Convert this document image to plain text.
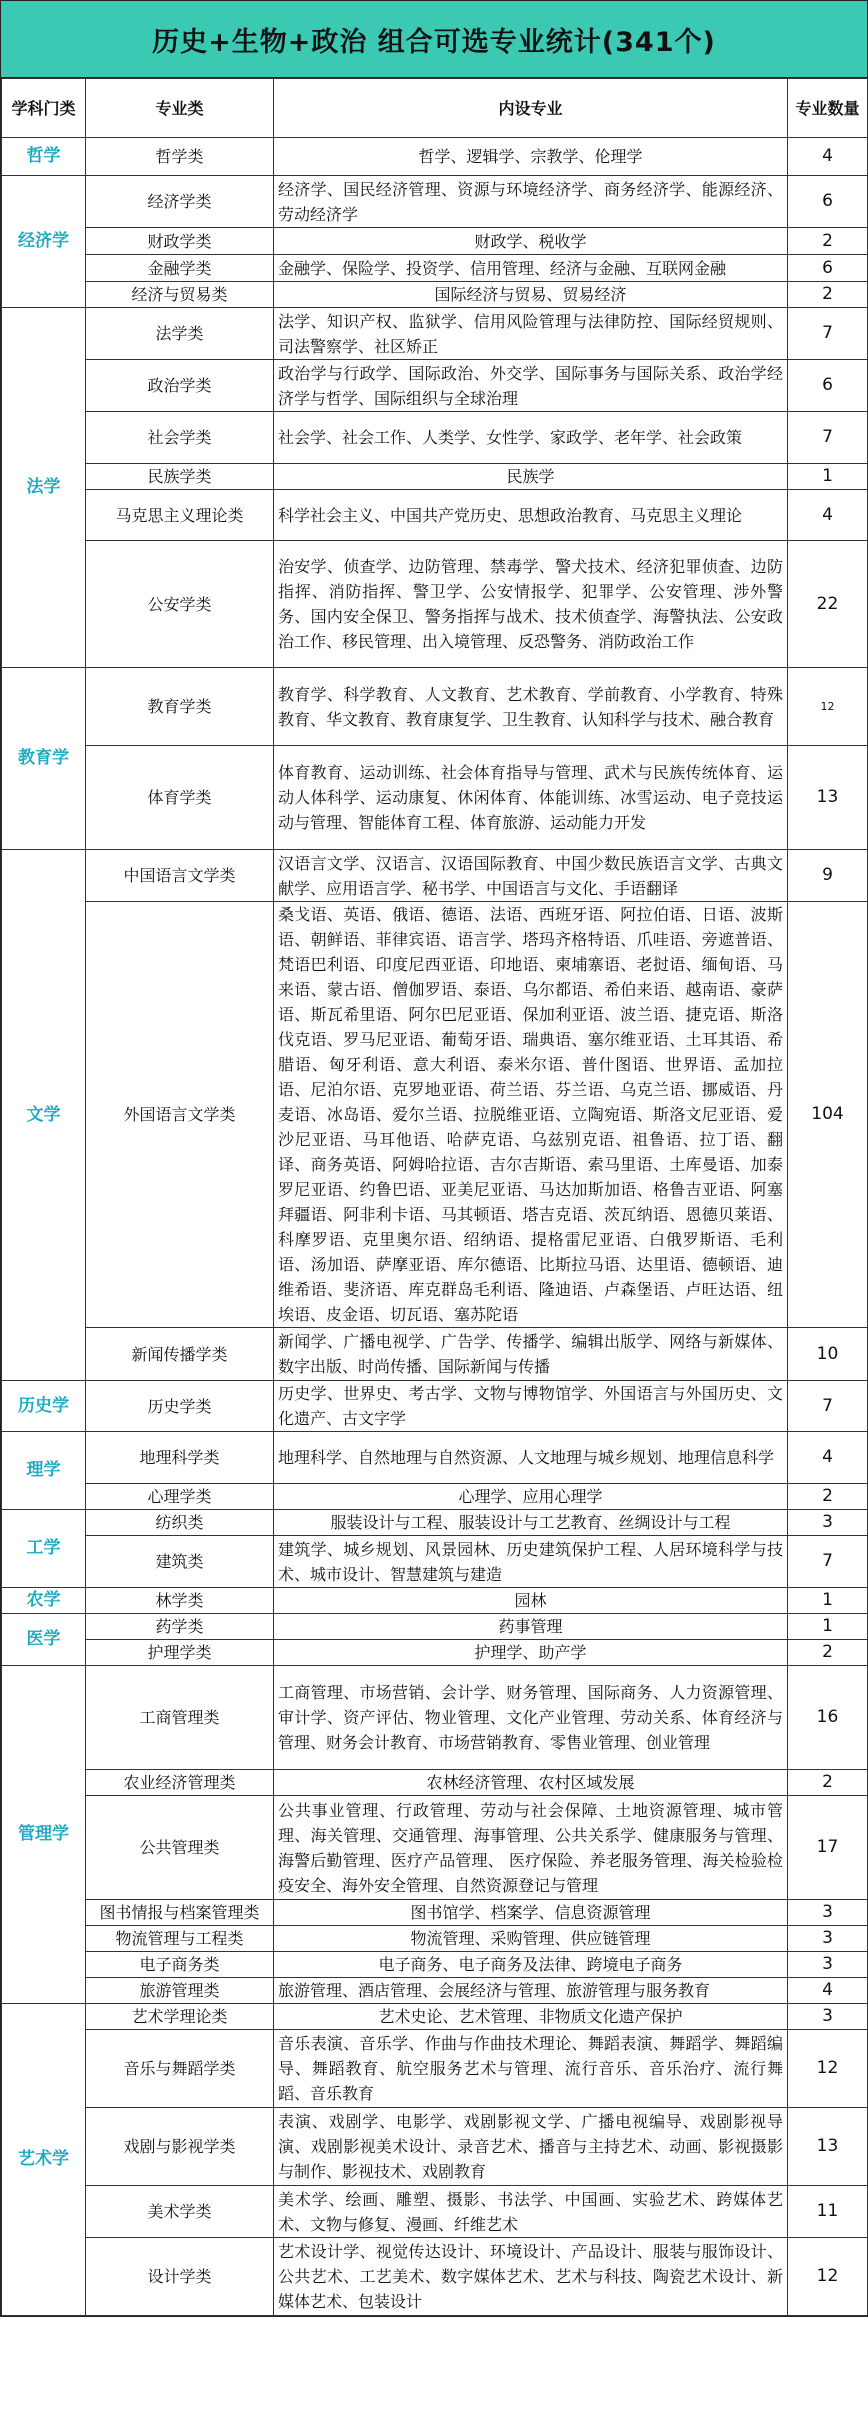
历史+生物+政治 组合可选专业统计(341个)
学科门类	专业类	内设专业	专业数量
哲学	哲学类	哲学、逻辑学、宗教学、伦理学	4
经济学	经济学类	经济学、国民经济管理、资源与环境经济学、商务经济学、能源经济、劳动经济学	6
	财政学类	财政学、税收学	2
	金融学类	金融学、保险学、投资学、信用管理、经济与金融、互联网金融	6
	经济与贸易类	国际经济与贸易、贸易经济	2
法学	法学类	法学、知识产权、监狱学、信用风险管理与法律防控、国际经贸规则、司法警察学、社区矫正	7
	政治学类	政治学与行政学、国际政治、外交学、国际事务与国际关系、政治学经济学与哲学、国际组织与全球治理	6
	社会学类	社会学、社会工作、人类学、女性学、家政学、老年学、社会政策	7
	民族学类	民族学	1
	马克思主义理论类	科学社会主义、中国共产党历史、思想政治教育、马克思主义理论	4
	公安学类	治安学、侦查学、边防管理、禁毒学、警犬技术、经济犯罪侦查、边防指挥、消防指挥、警卫学、公安情报学、犯罪学、公安管理、涉外警务、国内安全保卫、警务指挥与战术、技术侦查学、海警执法、公安政治工作、移民管理、出入境管理、反恐警务、消防政治工作	22
教育学	教育学类	教育学、科学教育、人文教育、艺术教育、学前教育、小学教育、特殊教育、华文教育、教育康复学、卫生教育、认知科学与技术、融合教育	12
	体育学类	体育教育、运动训练、社会体育指导与管理、武术与民族传统体育、运动人体科学、运动康复、休闲体育、体能训练、冰雪运动、电子竞技运动与管理、智能体育工程、体育旅游、运动能力开发	13
文学	中国语言文学类	汉语言文学、汉语言、汉语国际教育、中国少数民族语言文学、古典文献学、应用语言学、秘书学、中国语言与文化、手语翻译	9
	外国语言文学类	桑戈语、英语、俄语、德语、法语、西班牙语、阿拉伯语、日语、波斯语、朝鲜语、菲律宾语、语言学、塔玛齐格特语、爪哇语、旁遮普语、梵语巴利语、印度尼西亚语、印地语、柬埔寨语、老挝语、缅甸语、马来语、蒙古语、僧伽罗语、泰语、乌尔都语、希伯来语、越南语、豪萨语、斯瓦希里语、阿尔巴尼亚语、保加利亚语、波兰语、捷克语、斯洛伐克语、罗马尼亚语、葡萄牙语、瑞典语、塞尔维亚语、土耳其语、希腊语、匈牙利语、意大利语、泰米尔语、普什图语、世界语、孟加拉语、尼泊尔语、克罗地亚语、荷兰语、芬兰语、乌克兰语、挪威语、丹麦语、冰岛语、爱尔兰语、拉脱维亚语、立陶宛语、斯洛文尼亚语、爱沙尼亚语、马耳他语、哈萨克语、乌兹别克语、祖鲁语、拉丁语、翻译、商务英语、阿姆哈拉语、吉尔吉斯语、索马里语、土库曼语、加泰罗尼亚语、约鲁巴语、亚美尼亚语、马达加斯加语、格鲁吉亚语、阿塞拜疆语、阿非利卡语、马其顿语、塔吉克语、茨瓦纳语、恩德贝莱语、科摩罗语、克里奥尔语、绍纳语、提格雷尼亚语、白俄罗斯语、毛利语、汤加语、萨摩亚语、库尔德语、比斯拉马语、达里语、德顿语、迪维希语、斐济语、库克群岛毛利语、隆迪语、卢森堡语、卢旺达语、纽埃语、皮金语、切瓦语、塞苏陀语	104
	新闻传播学类	新闻学、广播电视学、广告学、传播学、编辑出版学、网络与新媒体、数字出版、时尚传播、国际新闻与传播	10
历史学	历史学类	历史学、世界史、考古学、文物与博物馆学、外国语言与外国历史、文化遗产、古文字学	7
理学	地理科学类	地理科学、自然地理与自然资源、人文地理与城乡规划、地理信息科学	4
	心理学类	心理学、应用心理学	2
工学	纺织类	服装设计与工程、服装设计与工艺教育、丝绸设计与工程	3
	建筑类	建筑学、城乡规划、风景园林、历史建筑保护工程、人居环境科学与技术、城市设计、智慧建筑与建造	7
农学	林学类	园林	1
医学	药学类	药事管理	1
	护理学类	护理学、助产学	2
管理学	工商管理类	工商管理、市场营销、会计学、财务管理、国际商务、人力资源管理、审计学、资产评估、物业管理、文化产业管理、劳动关系、体育经济与管理、财务会计教育、市场营销教育、零售业管理、创业管理	16
	农业经济管理类	农林经济管理、农村区域发展	2
	公共管理类	公共事业管理、行政管理、劳动与社会保障、土地资源管理、城市管理、海关管理、交通管理、海事管理、公共关系学、健康服务与管理、海警后勤管理、医疗产品管理、 医疗保险、养老服务管理、海关检验检疫安全、海外安全管理、自然资源登记与管理	17
	图书情报与档案管理类	图书馆学、档案学、信息资源管理	3
	物流管理与工程类	物流管理、采购管理、供应链管理	3
	电子商务类	电子商务、电子商务及法律、跨境电子商务	3
	旅游管理类	旅游管理、酒店管理、会展经济与管理、旅游管理与服务教育	4
艺术学	艺术学理论类	艺术史论、艺术管理、非物质文化遗产保护	3
	音乐与舞蹈学类	音乐表演、音乐学、作曲与作曲技术理论、舞蹈表演、舞蹈学、舞蹈编导、舞蹈教育、航空服务艺术与管理、流行音乐、音乐治疗、流行舞蹈、音乐教育	12
	戏剧与影视学类	表演、戏剧学、电影学、戏剧影视文学、广播电视编导、戏剧影视导演、戏剧影视美术设计、录音艺术、播音与主持艺术、动画、影视摄影与制作、影视技术、戏剧教育	13
	美术学类	美术学、绘画、雕塑、摄影、书法学、中国画、实验艺术、跨媒体艺术、文物与修复、漫画、纤维艺术	11
	设计学类	艺术设计学、视觉传达设计、环境设计、产品设计、服装与服饰设计、公共艺术、工艺美术、数字媒体艺术、艺术与科技、陶瓷艺术设计、新媒体艺术、包装设计	12
